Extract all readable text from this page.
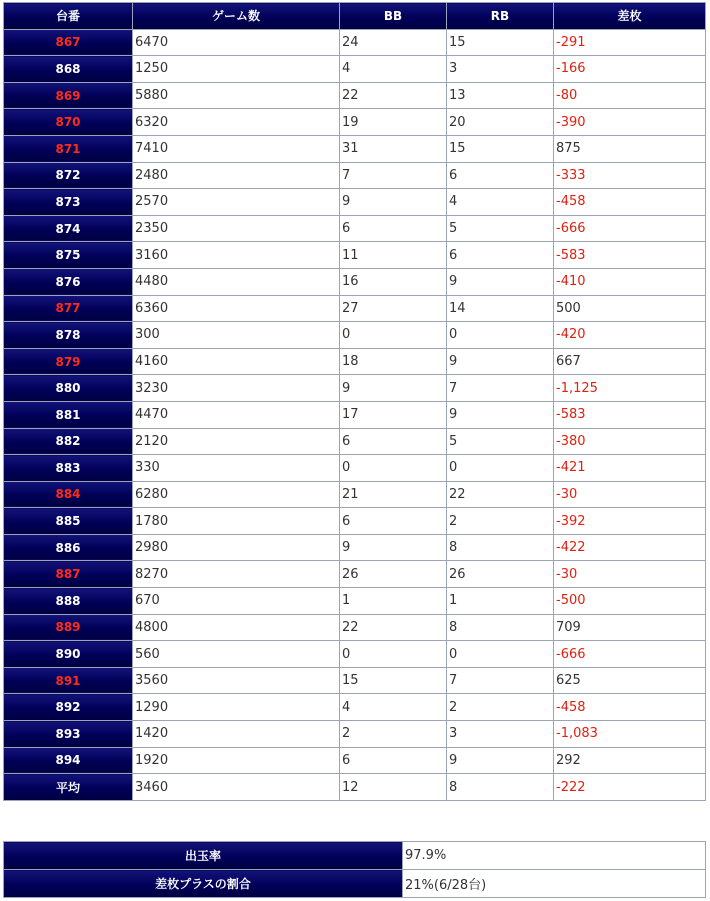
台番	ゲーム数	BB	RB	差枚
867	6470	24	15	-291
868	1250	4	3	-166
869	5880	22	13	-80
870	6320	19	20	-390
871	7410	31	15	875
872	2480	7	6	-333
873	2570	9	4	-458
874	2350	6	5	-666
875	3160	11	6	-583
876	4480	16	9	-410
877	6360	27	14	500
878	300	0	0	-420
879	4160	18	9	667
880	3230	9	7	-1,125
881	4470	17	9	-583
882	2120	6	5	-380
883	330	0	0	-421
884	6280	21	22	-30
885	1780	6	2	-392
886	2980	9	8	-422
887	8270	26	26	-30
888	670	1	1	-500
889	4800	22	8	709
890	560	0	0	-666
891	3560	15	7	625
892	1290	4	2	-458
893	1420	2	3	-1,083
894	1920	6	9	292
平均	3460	12	8	-222
出玉率	97.9%
差枚プラスの割合	21%(6/28台)
